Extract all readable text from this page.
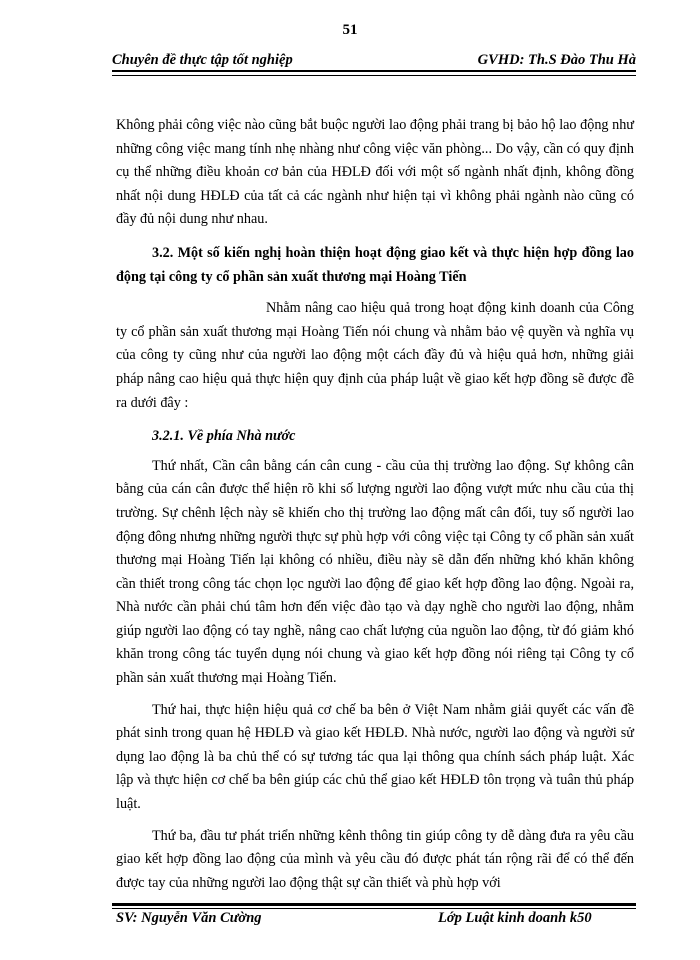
51
Chuyên đề thực tập tốt nghiệp	GVHD: Th.S Đào Thu Hà

Không phải công việc nào cũng bắt buộc người lao động phải trang bị bảo hộ lao động như những công việc mang tính nhẹ nhàng như công việc văn phòng... Do vậy, cần có quy định cụ thể những điều khoản cơ bản của HĐLĐ đối với một số ngành nhất định, không đồng nhất nội dung HĐLĐ của tất cả các ngành như hiện tại vì không phải ngành nào cũng có đầy đủ nội dung như nhau.

3.2. Một số kiến nghị hoàn thiện hoạt động giao kết và thực hiện hợp đồng lao động tại công ty cổ phần sản xuất thương mại Hoàng Tiến

Nhằm nâng cao hiệu quả trong hoạt động kinh doanh của Công ty cổ phần sản xuất thương mại Hoàng Tiến nói chung và nhằm bảo vệ quyền và nghĩa vụ của công ty cũng như của người lao động một cách đầy đủ và hiệu quả hơn, những giải pháp nâng cao hiệu quả thực hiện quy định của pháp luật về giao kết hợp đồng sẽ được đề ra dưới đây :

3.2.1. Về phía Nhà nước

Thứ nhất, Cần cân bằng cán cân cung - cầu của thị trường lao động. Sự không cân bằng của cán cân được thể hiện rõ khi số lượng người lao động vượt mức nhu cầu của thị trường. Sự chênh lệch này sẽ khiến cho thị trường lao động mất cân đối, tuy số người lao động đông nhưng những người thực sự phù hợp với công việc tại Công ty cổ phần sản xuất thương mại Hoàng Tiến lại không có nhiều, điều này sẽ dẫn đến những khó khăn không cần thiết trong công tác chọn lọc người lao động để giao kết hợp đồng lao động. Ngoài ra, Nhà nước cần phải chú tâm hơn đến việc đào tạo và dạy nghề cho người lao động, nhằm giúp người lao động có tay nghề, nâng cao chất lượng của nguồn lao động, từ đó giảm khó khăn trong công tác tuyển dụng nói chung và giao kết hợp đồng nói riêng tại Công ty cổ phần sản xuất thương mại Hoàng Tiến.

Thứ hai, thực hiện hiệu quả cơ chế ba bên ở Việt Nam nhằm giải quyết các vấn đề phát sinh trong quan hệ HĐLĐ và giao kết HĐLĐ. Nhà nước, người lao động và người sử dụng lao động là ba chủ thể có sự tương tác qua lại thông qua chính sách pháp luật. Xác lập và thực hiện cơ chế ba bên giúp các chủ thể giao kết HĐLĐ tôn trọng và tuân thủ pháp luật.

Thứ ba, đầu tư phát triển những kênh thông tin giúp công ty dễ dàng đưa ra yêu cầu giao kết hợp đồng lao động của mình và yêu cầu đó được phát tán rộng rãi để có thể đến được tay của những người lao động thật sự cần thiết và phù hợp với

SV: Nguyễn Văn Cường	Lớp Luật kinh doanh k50
